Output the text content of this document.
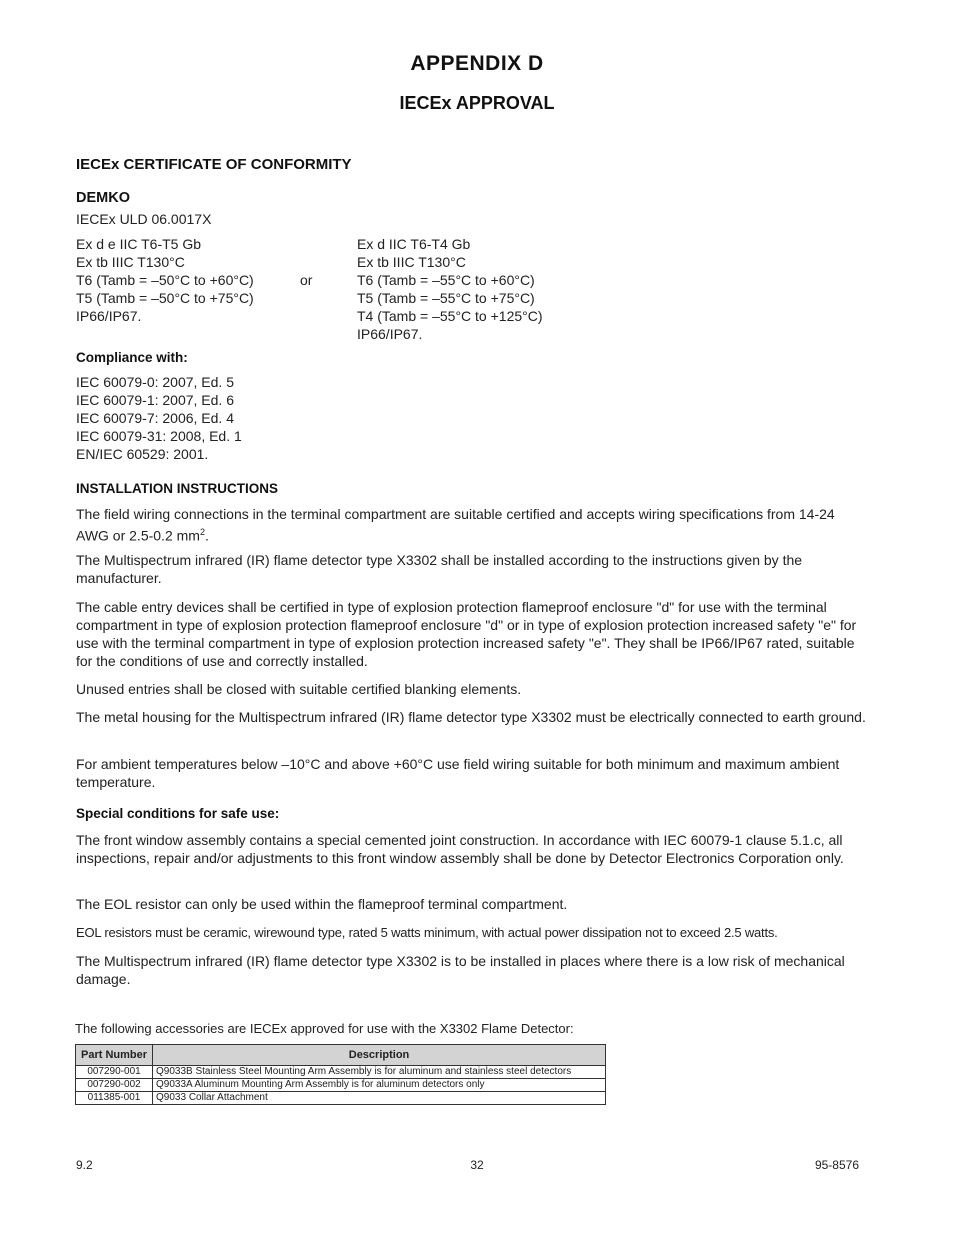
APPENDIX D
IECEx APPROVAL
IECEx CERTIFICATE OF CONFORMITY
DEMKO
IECEx ULD 06.0017X
Ex d e IIC T6-T5 Gb
Ex tb IIIC T130°C
T6 (Tamb = –50°C to +60°C)
T5 (Tamb = –50°C to +75°C)
IP66/IP67.
or
Ex d IIC T6-T4 Gb
Ex tb IIIC T130°C
T6 (Tamb = –55°C to +60°C)
T5 (Tamb = –55°C to +75°C)
T4 (Tamb = –55°C to +125°C)
IP66/IP67.
Compliance with:
IEC 60079-0: 2007, Ed. 5
IEC 60079-1: 2007, Ed. 6
IEC 60079-7: 2006, Ed. 4
IEC 60079-31: 2008, Ed. 1
EN/IEC 60529: 2001.
INSTALLATION INSTRUCTIONS
The field wiring connections in the terminal compartment are suitable certified and accepts wiring specifications from 14-24 AWG or 2.5-0.2 $mm^2$.
The Multispectrum infrared (IR) flame detector type X3302 shall be installed according to the instructions given by the manufacturer.
The cable entry devices shall be certified in type of explosion protection flameproof enclosure "d" for use with the terminal compartment in type of explosion protection flameproof enclosure "d" or in type of explosion protection increased safety "e" for use with the terminal compartment in type of explosion protection increased safety "e". They shall be IP66/IP67 rated, suitable for the conditions of use and correctly installed.
Unused entries shall be closed with suitable certified blanking elements.
The metal housing for the Multispectrum infrared (IR) flame detector type X3302 must be electrically connected to earth ground.
For ambient temperatures below –10°C and above +60°C use field wiring suitable for both minimum and maximum ambient temperature.
Special conditions for safe use:
The front window assembly contains a special cemented joint construction. In accordance with IEC 60079-1 clause 5.1.c, all inspections, repair and/or adjustments to this front window assembly shall be done by Detector Electronics Corporation only.
The EOL resistor can only be used within the flameproof terminal compartment.
EOL resistors must be ceramic, wirewound type, rated 5 watts minimum, with actual power dissipation not to exceed 2.5 watts.
The Multispectrum infrared (IR) flame detector type X3302 is to be installed in places where there is a low risk of mechanical damage.
The following accessories are IECEx approved for use with the X3302 Flame Detector:
Part Number	Description
007290-001	Q9033B Stainless Steel Mounting Arm Assembly is for aluminum and stainless steel detectors
007290-002	Q9033A Aluminum Mounting Arm Assembly is for aluminum detectors only
011385-001	Q9033 Collar Attachment
9.2	32	95-8576
